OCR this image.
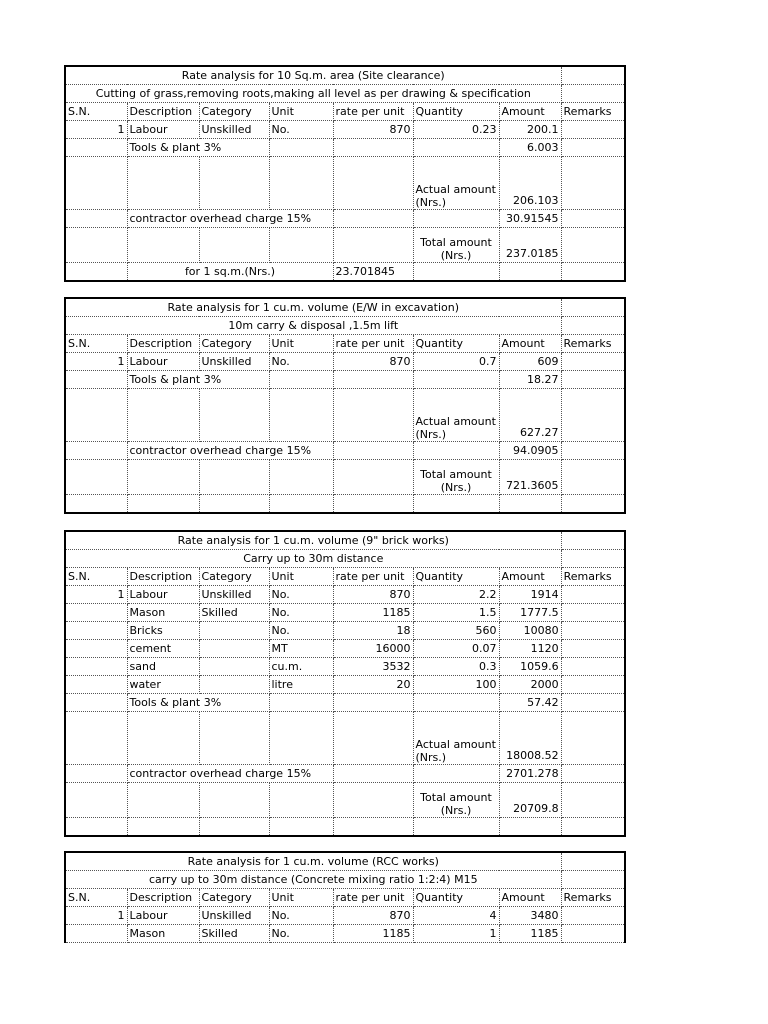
Rate analysis for 10 Sq.m. area (Site clearance)							
Cutting of grass,removing roots,making all level as per drawing & specification							
S.N.	Description	Category	Unit	rate per unit	Quantity	Amount	Remarks
1	Labour	Unskilled	No.	870	0.23	200.1	
	Tools & plant 3%					6.003	
					Actual amount (Nrs.)	206.103	
	contractor overhead charge 15%					30.91545	
					Total amount (Nrs.)	237.0185	
	for 1 sq.m.(Nrs.)			23.701845			
Rate analysis for 1 cu.m. volume (E/W in excavation)							
10m carry & disposal ,1.5m lift							
S.N.	Description	Category	Unit	rate per unit	Quantity	Amount	Remarks
1	Labour	Unskilled	No.	870	0.7	609	
	Tools & plant 3%					18.27	
					Actual amount (Nrs.)	627.27	
	contractor overhead charge 15%					94.0905	
					Total amount (Nrs.)	721.3605	

Rate analysis for 1 cu.m. volume (9" brick works)							
Carry up to 30m distance							
S.N.	Description	Category	Unit	rate per unit	Quantity	Amount	Remarks
1	Labour	Unskilled	No.	870	2.2	1914	
	Mason	Skilled	No.	1185	1.5	1777.5	
	Bricks		No.	18	560	10080	
	cement		MT	16000	0.07	1120	
	sand		cu.m.	3532	0.3	1059.6	
	water		litre	20	100	2000	
	Tools & plant 3%					57.42	
					Actual amount (Nrs.)	18008.52	
	contractor overhead charge 15%					2701.278	
					Total amount (Nrs.)	20709.8	

Rate analysis for 1 cu.m. volume (RCC works)							
carry up to 30m distance (Concrete mixing ratio 1:2:4) M15							
S.N.	Description	Category	Unit	rate per unit	Quantity	Amount	Remarks
1	Labour	Unskilled	No.	870	4	3480	
	Mason	Skilled	No.	1185	1	1185	
